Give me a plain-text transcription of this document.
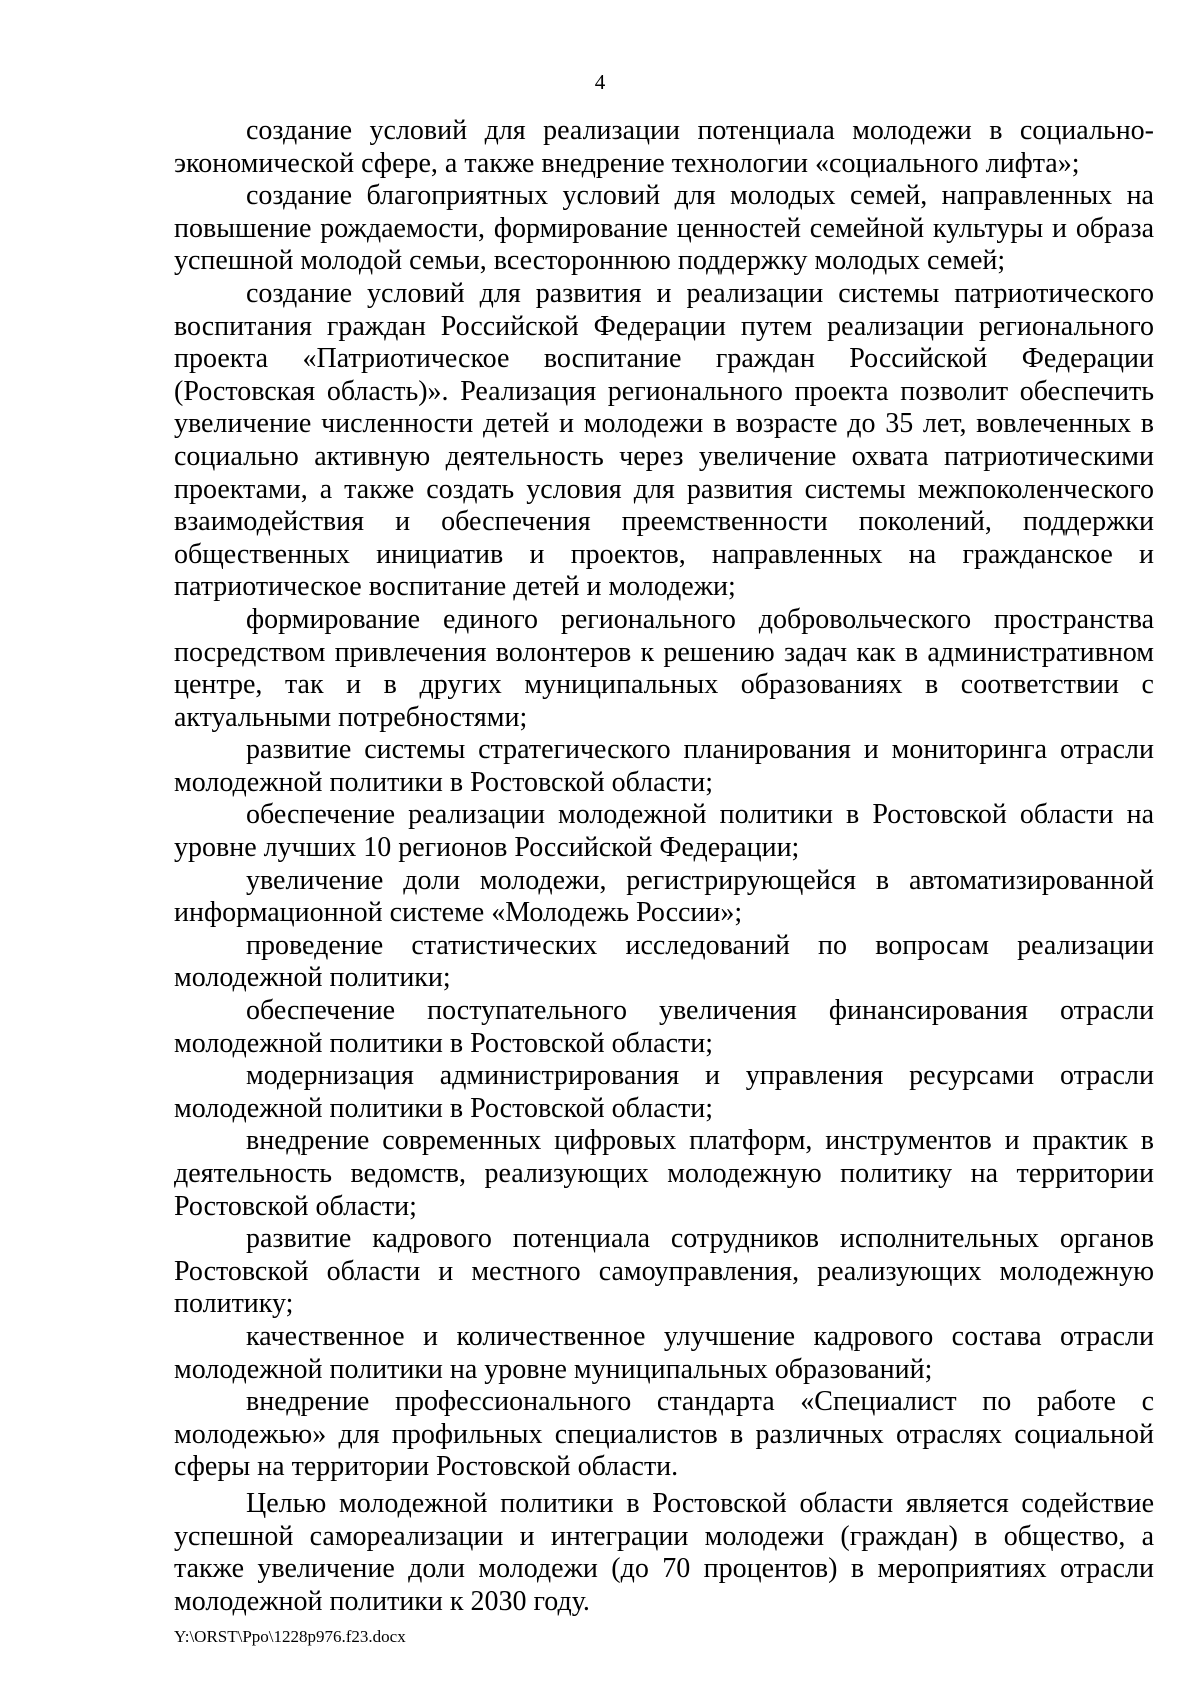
4

создание условий для реализации потенциала молодежи в социально-экономической сфере, а также внедрение технологии «социального лифта»;

создание благоприятных условий для молодых семей, направленных на повышение рождаемости, формирование ценностей семейной культуры и образа успешной молодой семьи, всестороннюю поддержку молодых семей;

создание условий для развития и реализации системы патриотического воспитания граждан Российской Федерации путем реализации регионального проекта «Патриотическое воспитание граждан Российской Федерации (Ростовская область)». Реализация регионального проекта позволит обеспечить увеличение численности детей и молодежи в возрасте до 35 лет, вовлеченных в социально активную деятельность через увеличение охвата патриотическими проектами, а также создать условия для развития системы межпоколенческого взаимодействия и обеспечения преемственности поколений, поддержки общественных инициатив и проектов, направленных на гражданское и патриотическое воспитание детей и молодежи;

формирование единого регионального добровольческого пространства посредством привлечения волонтеров к решению задач как в административном центре, так и в других муниципальных образованиях в соответствии с актуальными потребностями;

развитие системы стратегического планирования и мониторинга отрасли молодежной политики в Ростовской области;

обеспечение реализации молодежной политики в Ростовской области на уровне лучших 10 регионов Российской Федерации;

увеличение доли молодежи, регистрирующейся в автоматизированной информационной системе «Молодежь России»;

проведение статистических исследований по вопросам реализации молодежной политики;

обеспечение поступательного увеличения финансирования отрасли молодежной политики в Ростовской области;

модернизация администрирования и управления ресурсами отрасли молодежной политики в Ростовской области;

внедрение современных цифровых платформ, инструментов и практик в деятельность ведомств, реализующих молодежную политику на территории Ростовской области;

развитие кадрового потенциала сотрудников исполнительных органов Ростовской области и местного самоуправления, реализующих молодежную политику;

качественное и количественное улучшение кадрового состава отрасли молодежной политики на уровне муниципальных образований;

внедрение профессионального стандарта «Специалист по работе с молодежью» для профильных специалистов в различных отраслях социальной сферы на территории Ростовской области.

Целью молодежной политики в Ростовской области является содействие успешной самореализации и интеграции молодежи (граждан) в общество, а также увеличение доли молодежи (до 70 процентов) в мероприятиях отрасли молодежной политики к 2030 году.

Y:\ORST\Ppo\1228p976.f23.docx
